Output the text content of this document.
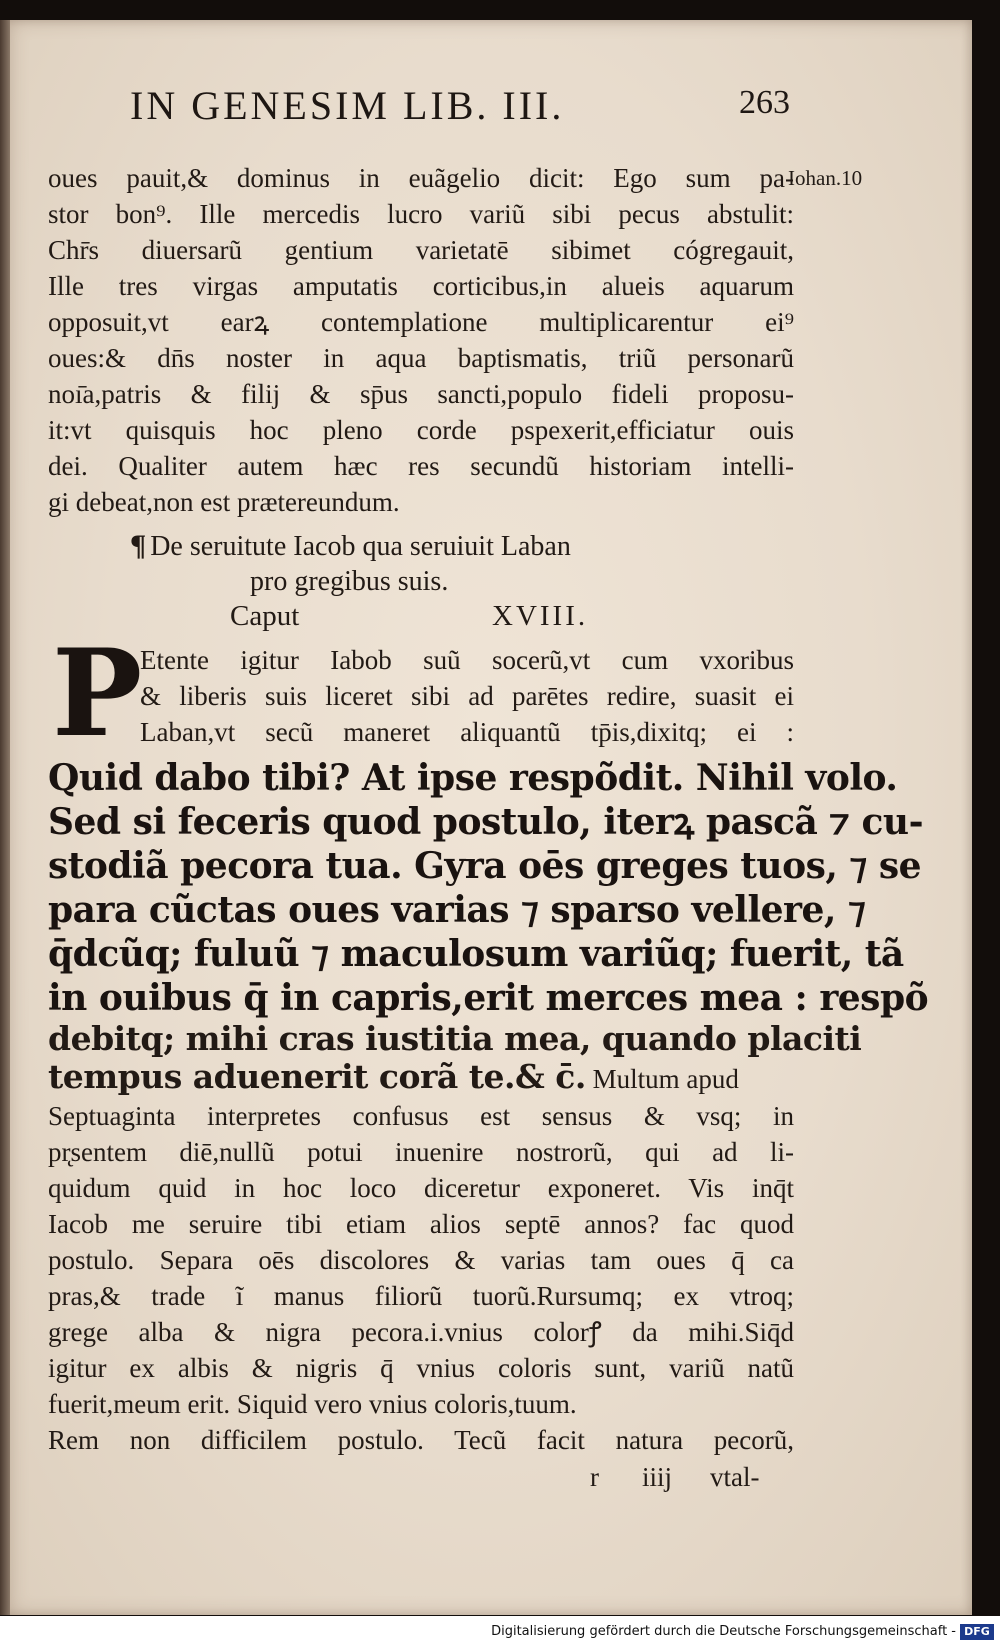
IN GENESIM LIB. III.	263
Iohan.10
oues pauit,& dominus in euãgelio dicit: Ego sum pa-
stor bon⁹. Ille mercedis lucro variũ sibi pecus abstulit:
Chr̄s diuersarũ gentium varietatē sibimet cógregauit,
Ille tres virgas amputatis corticibus,in alueis aquarum
opposuit,vt earꝝ contemplatione multiplicarentur ei⁹
oues:& dn̄s noster in aqua baptismatis, triũ personarũ
noı̄a,patris & filij & sp̄us sancti,populo fideli proposu-
it:vt quisquis hoc pleno corde pspexerit,efficiatur ouis
dei. Qualiter autem hæc res secundũ historiam intelli-
gi debeat,non est prætereundum.
¶ De seruitute Iacob qua seruiuit Laban
pro gregibus suis.
Caput	XVIII.
P
Etente igitur Iabob suũ socerũ,vt cum vxoribus
& liberis suis liceret sibi ad parētes redire, suasit ei
Laban,vt secũ maneret aliquantũ tp̄is,dixitq; ei :
Quid dabo tibi? At ipse respõdit. Nihil volo.
Sed si feceris quod postulo, iterꝝ pascã ⁊ cu-
stodiã pecora tua. Gyra oēs greges tuos, ⁊ se
para cũctas oues varias ⁊ sparso vellere, ⁊
q̄dcũq; fuluũ ⁊ maculosum variũq; fuerit, tã
in ouibus q̄ in capris,erit merces mea : respõ
debitq; mihi cras iustitia mea, quando placiti
tempus aduenerit corã te.& c̄. Multum apud
Septuaginta interpretes confusus est sensus & vsq; in
pr̨sentem diē,nullũ potui inuenire nostrorũ, qui ad li-
quidum quid in hoc loco diceretur exponeret. Vis inq̄t
Iacob me seruire tibi etiam alios septē annos? fac quod
postulo. Separa oēs discolores & varias tam oues q̄ ca
pras,& trade ĩ manus filiorũ tuorũ.Rursumq; ex vtroq;
grege alba & nigra pecora.i.vnius colorꝭ da mihi.Siq̄d
igitur ex albis & nigris q̄ vnius coloris sunt, variũ natũ
fuerit,meum erit. Siquid vero vnius coloris,tuum.
Rem non difficilem postulo. Tecũ facit natura pecorũ,
r iiij vtal-
Digitalisierung gefördert durch die Deutsche Forschungsgemeinschaft - DFG
